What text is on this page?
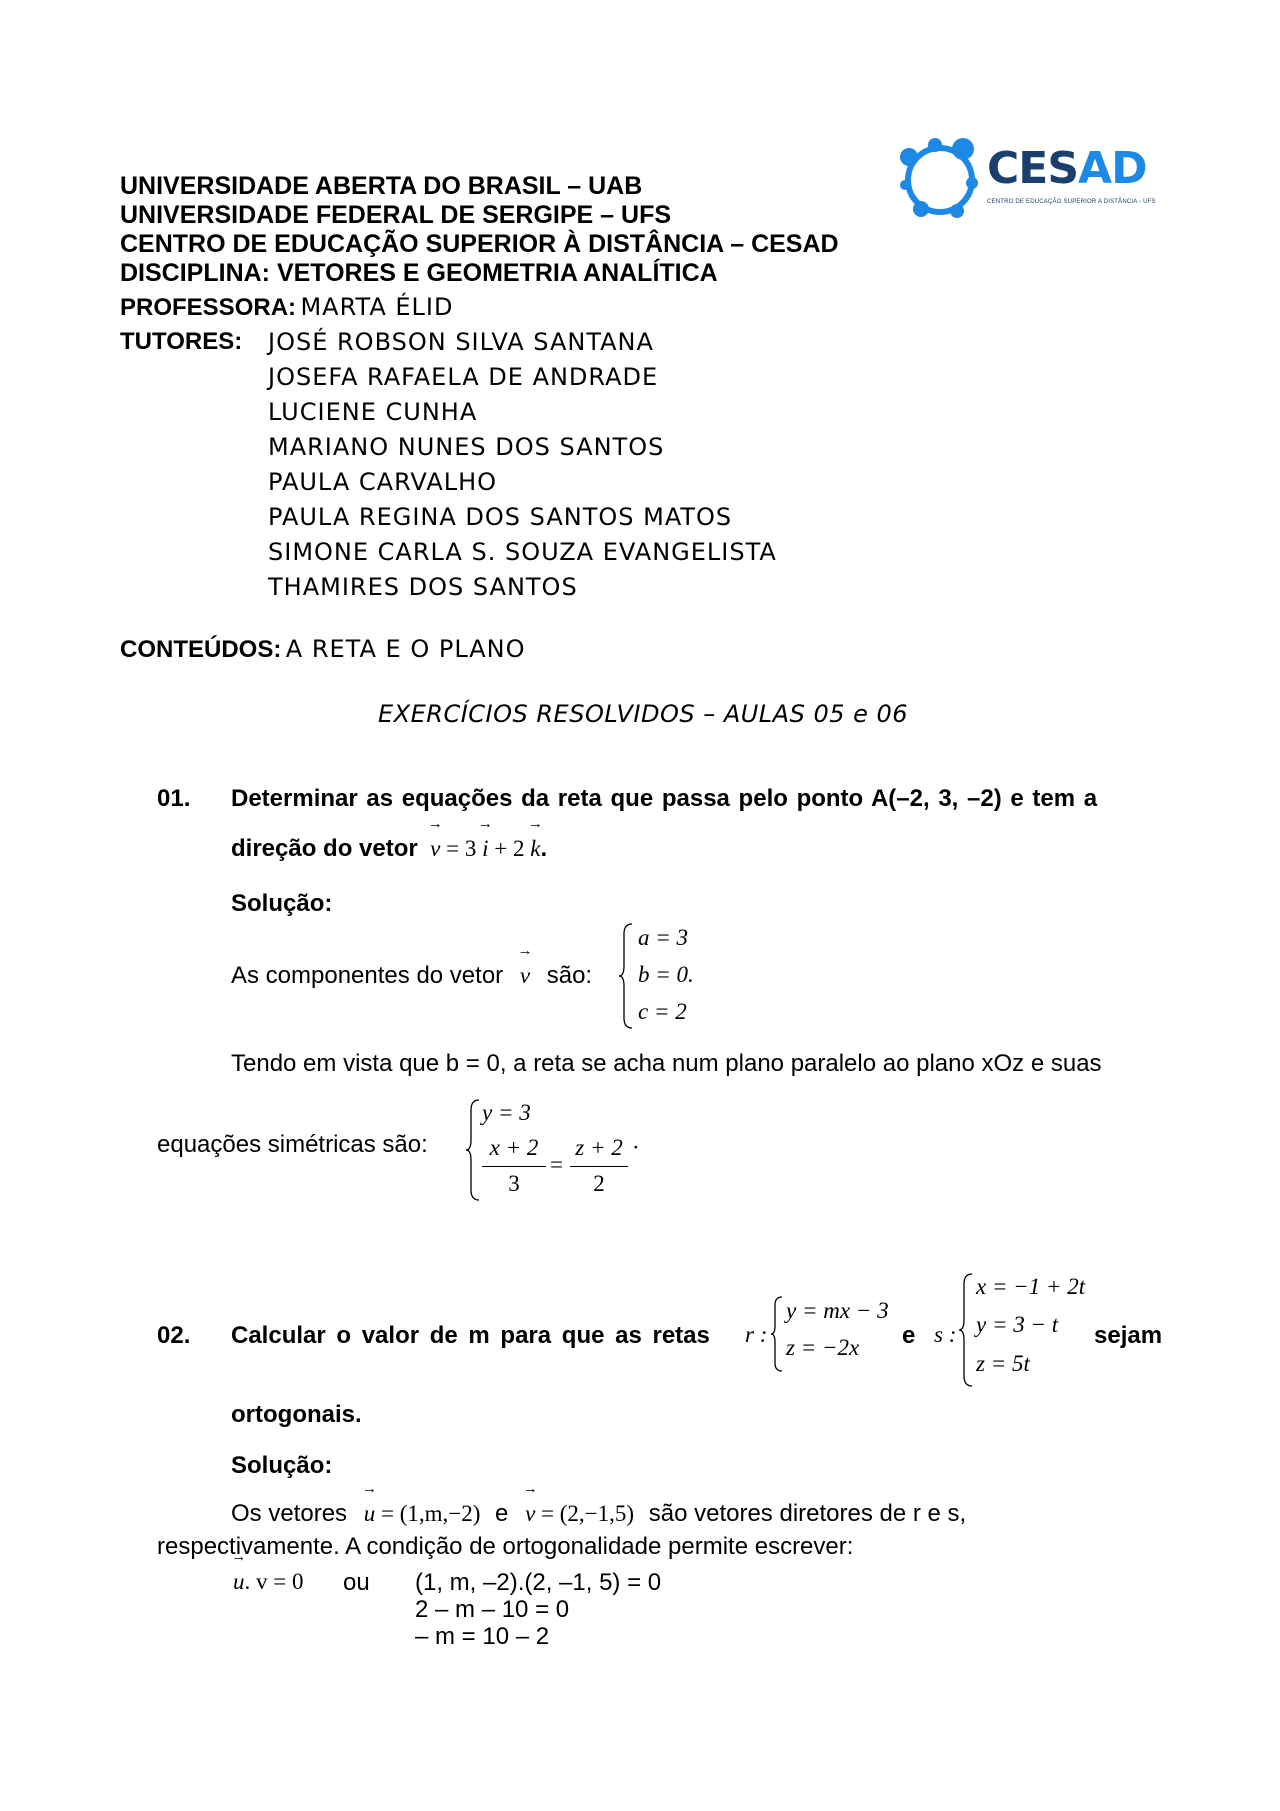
UNIVERSIDADE ABERTA DO BRASIL – UAB
UNIVERSIDADE FEDERAL DE SERGIPE – UFS
CENTRO DE EDUCAÇÃO SUPERIOR À DISTÂNCIA – CESAD
DISCIPLINA: VETORES E GEOMETRIA ANALÍTICA
PROFESSORA: MARTA ÉLID
TUTORES: JOSÉ ROBSON SILVA SANTANA
JOSEFA RAFAELA DE ANDRADE
LUCIENE CUNHA
MARIANO NUNES DOS SANTOS
PAULA CARVALHO
PAULA REGINA DOS SANTOS MATOS
SIMONE CARLA S. SOUZA EVANGELISTA
THAMIRES DOS SANTOS
CONTEÚDOS: A RETA E O PLANO
CESAD
CENTRO DE EDUCAÇÃO SUPERIOR A DISTÂNCIA - UFS
EXERCÍCIOS RESOLVIDOS – AULAS 05 e 06
01. Determinar as equações da reta que passa pelo ponto A(–2, 3, –2) e tem a
direção do vetor → v = 3 → i + 2 → k.
Solução:
As componentes do vetor → v são:
a = 3
b = 0.
c = 2
Tendo em vista que b = 0, a reta se acha num plano paralelo ao plano xOz e suas
equações simétricas são:
y = 3
x + 2
3
=
z + 2
2
·
02. Calcular o valor de m para que as retas r :
y = mx − 3
z = −2x e s :
x = −1 + 2t
y = 3 − t
z = 5t
sejam
ortogonais.
Solução:
Os vetores → u = (1,m,−2) e → v = (2,−1,5) são vetores diretores de r e s,
respectivamente. A condição de ortogonalidade permite escrever:
→ u. v = 0 ou (1, m, –2).(2, –1, 5) = 0
2 – m – 10 = 0
– m = 10 – 2
